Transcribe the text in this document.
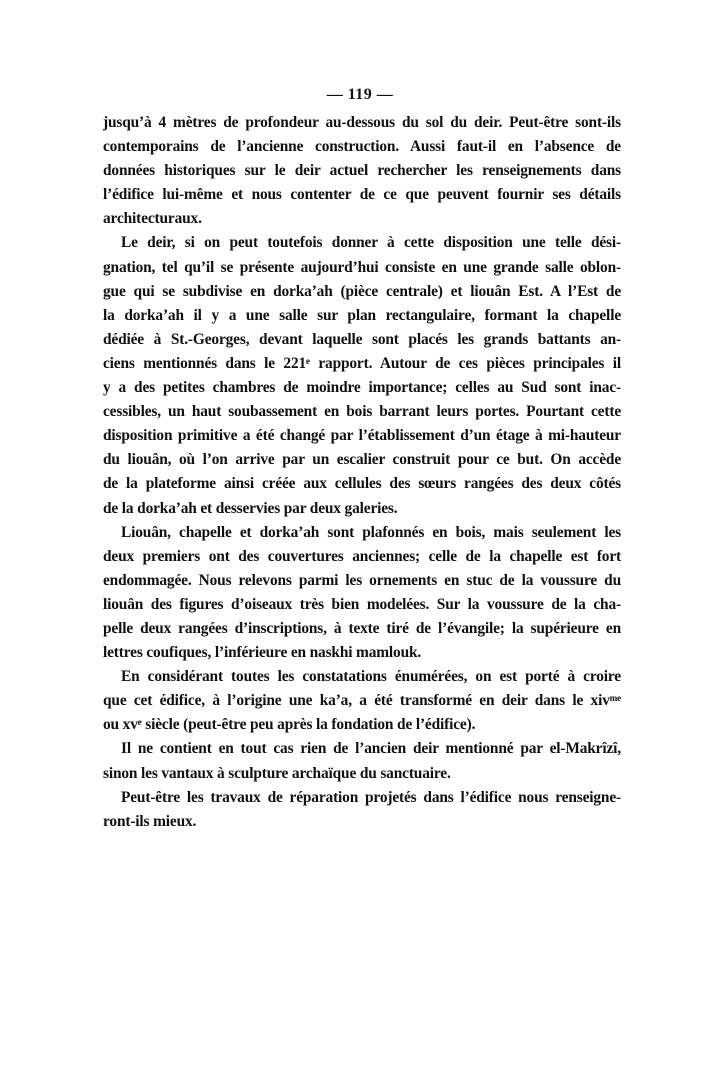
— 119 —
jusqu’à 4 mètres de profondeur au-dessous du sol du deir. Peut-être sont-ils
contemporains de l’ancienne construction. Aussi faut-il en l’absence de
données historiques sur le deir actuel rechercher les renseignements dans
l’édifice lui-même et nous contenter de ce que peuvent fournir ses détails
architecturaux.
Le deir, si on peut toutefois donner à cette disposition une telle dési-
gnation, tel qu’il se présente aujourd’hui consiste en une grande salle oblon-
gue qui se subdivise en dorka’ah (pièce centrale) et liouân Est. A l’Est de
la dorka’ah il y a une salle sur plan rectangulaire, formant la chapelle
dédiée à St.-Georges, devant laquelle sont placés les grands battants an-
ciens mentionnés dans le 221ᵉ rapport. Autour de ces pièces principales il
y a des petites chambres de moindre importance; celles au Sud sont inac-
cessibles, un haut soubassement en bois barrant leurs portes. Pourtant cette
disposition primitive a été changé par l’établissement d’un étage à mi-hauteur
du liouân, où l’on arrive par un escalier construit pour ce but. On accède
de la plateforme ainsi créée aux cellules des sœurs rangées des deux côtés
de la dorka’ah et desservies par deux galeries.
Liouân, chapelle et dorka’ah sont plafonnés en bois, mais seulement les
deux premiers ont des couvertures anciennes; celle de la chapelle est fort
endommagée. Nous relevons parmi les ornements en stuc de la voussure du
liouân des figures d’oiseaux très bien modelées. Sur la voussure de la cha-
pelle deux rangées d’inscriptions, à texte tiré de l’évangile; la supérieure en
lettres coufiques, l’inférieure en naskhi mamlouk.
En considérant toutes les constatations énumérées, on est porté à croire
que cet édifice, à l’origine une ka’a, a été transformé en deir dans le xivᵐᵉ
ou xvᵉ siècle (peut-être peu après la fondation de l’édifice).
Il ne contient en tout cas rien de l’ancien deir mentionné par el-Makrîzî,
sinon les vantaux à sculpture archaïque du sanctuaire.
Peut-être les travaux de réparation projetés dans l’édifice nous renseigne-
ront-ils mieux.
